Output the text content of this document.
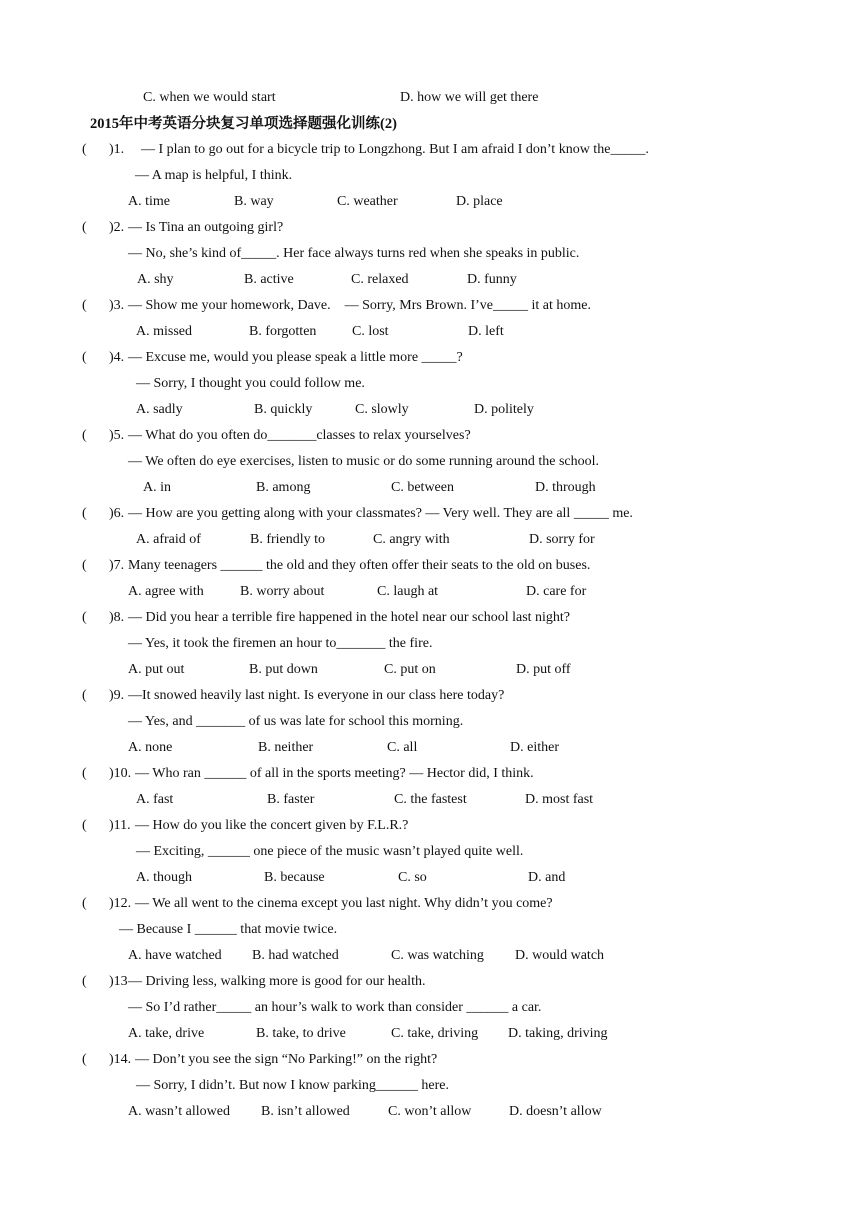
C. when we would start	D. how we will get there
2015年中考英语分块复习单项选择题强化训练(2)
( )1. — I plan to go out for a bicycle trip to Longzhong. But I am afraid I don’t know the_____.
— A map is helpful, I think.
A. time	B. way	C. weather	D. place
( )2. — Is Tina an outgoing girl?
— No, she’s kind of_____. Her face always turns red when she speaks in public.
A. shy	B. active	C. relaxed	D. funny
( )3. — Show me your homework, Dave.    — Sorry, Mrs Brown. I’ve_____ it at home.
A. missed	B. forgotten	C. lost	D. left
( )4. — Excuse me, would you please speak a little more _____?
— Sorry, I thought you could follow me.
A. sadly	B. quickly	C. slowly	D. politely
( )5. — What do you often do_______classes to relax yourselves?
— We often do eye exercises, listen to music or do some running around the school.
A. in	B. among	C. between	D. through
( )6. — How are you getting along with your classmates? — Very well. They are all _____ me.
A. afraid of	B. friendly to	C. angry with	D. sorry for
( )7. Many teenagers ______ the old and they often offer their seats to the old on buses.
A. agree with	B. worry about	C. laugh at	D. care for
( )8. — Did you hear a terrible fire happened in the hotel near our school last night?
— Yes, it took the firemen an hour to_______ the fire.
A. put out	B. put down	C. put on	D. put off
( )9. —It snowed heavily last night. Is everyone in our class here today?
— Yes, and _______ of us was late for school this morning.
A. none	B. neither	C. all	D. either
( )10. — Who ran ______ of all in the sports meeting? — Hector did, I think.
A. fast	B. faster	C. the fastest	D. most fast
( )11. — How do you like the concert given by F.L.R.?
— Exciting, ______ one piece of the music wasn’t played quite well.
A. though	B. because	C. so	D. and
( )12. — We all went to the cinema except you last night. Why didn’t you come?
— Because I ______ that movie twice.
A. have watched B. had watched	C. was watching D. would watch
( )13 — Driving less, walking more is good for our health.
— So I’d rather_____ an hour’s walk to work than consider ______ a car.
A. take, drive	B. take, to drive	C. take, driving D. taking, driving
( )14. — Don’t you see the sign “No Parking!” on the right?
— Sorry, I didn’t. But now I know parking______ here.
A. wasn’t allowed B. isn’t allowed	C. won’t allow	D. doesn’t allow
